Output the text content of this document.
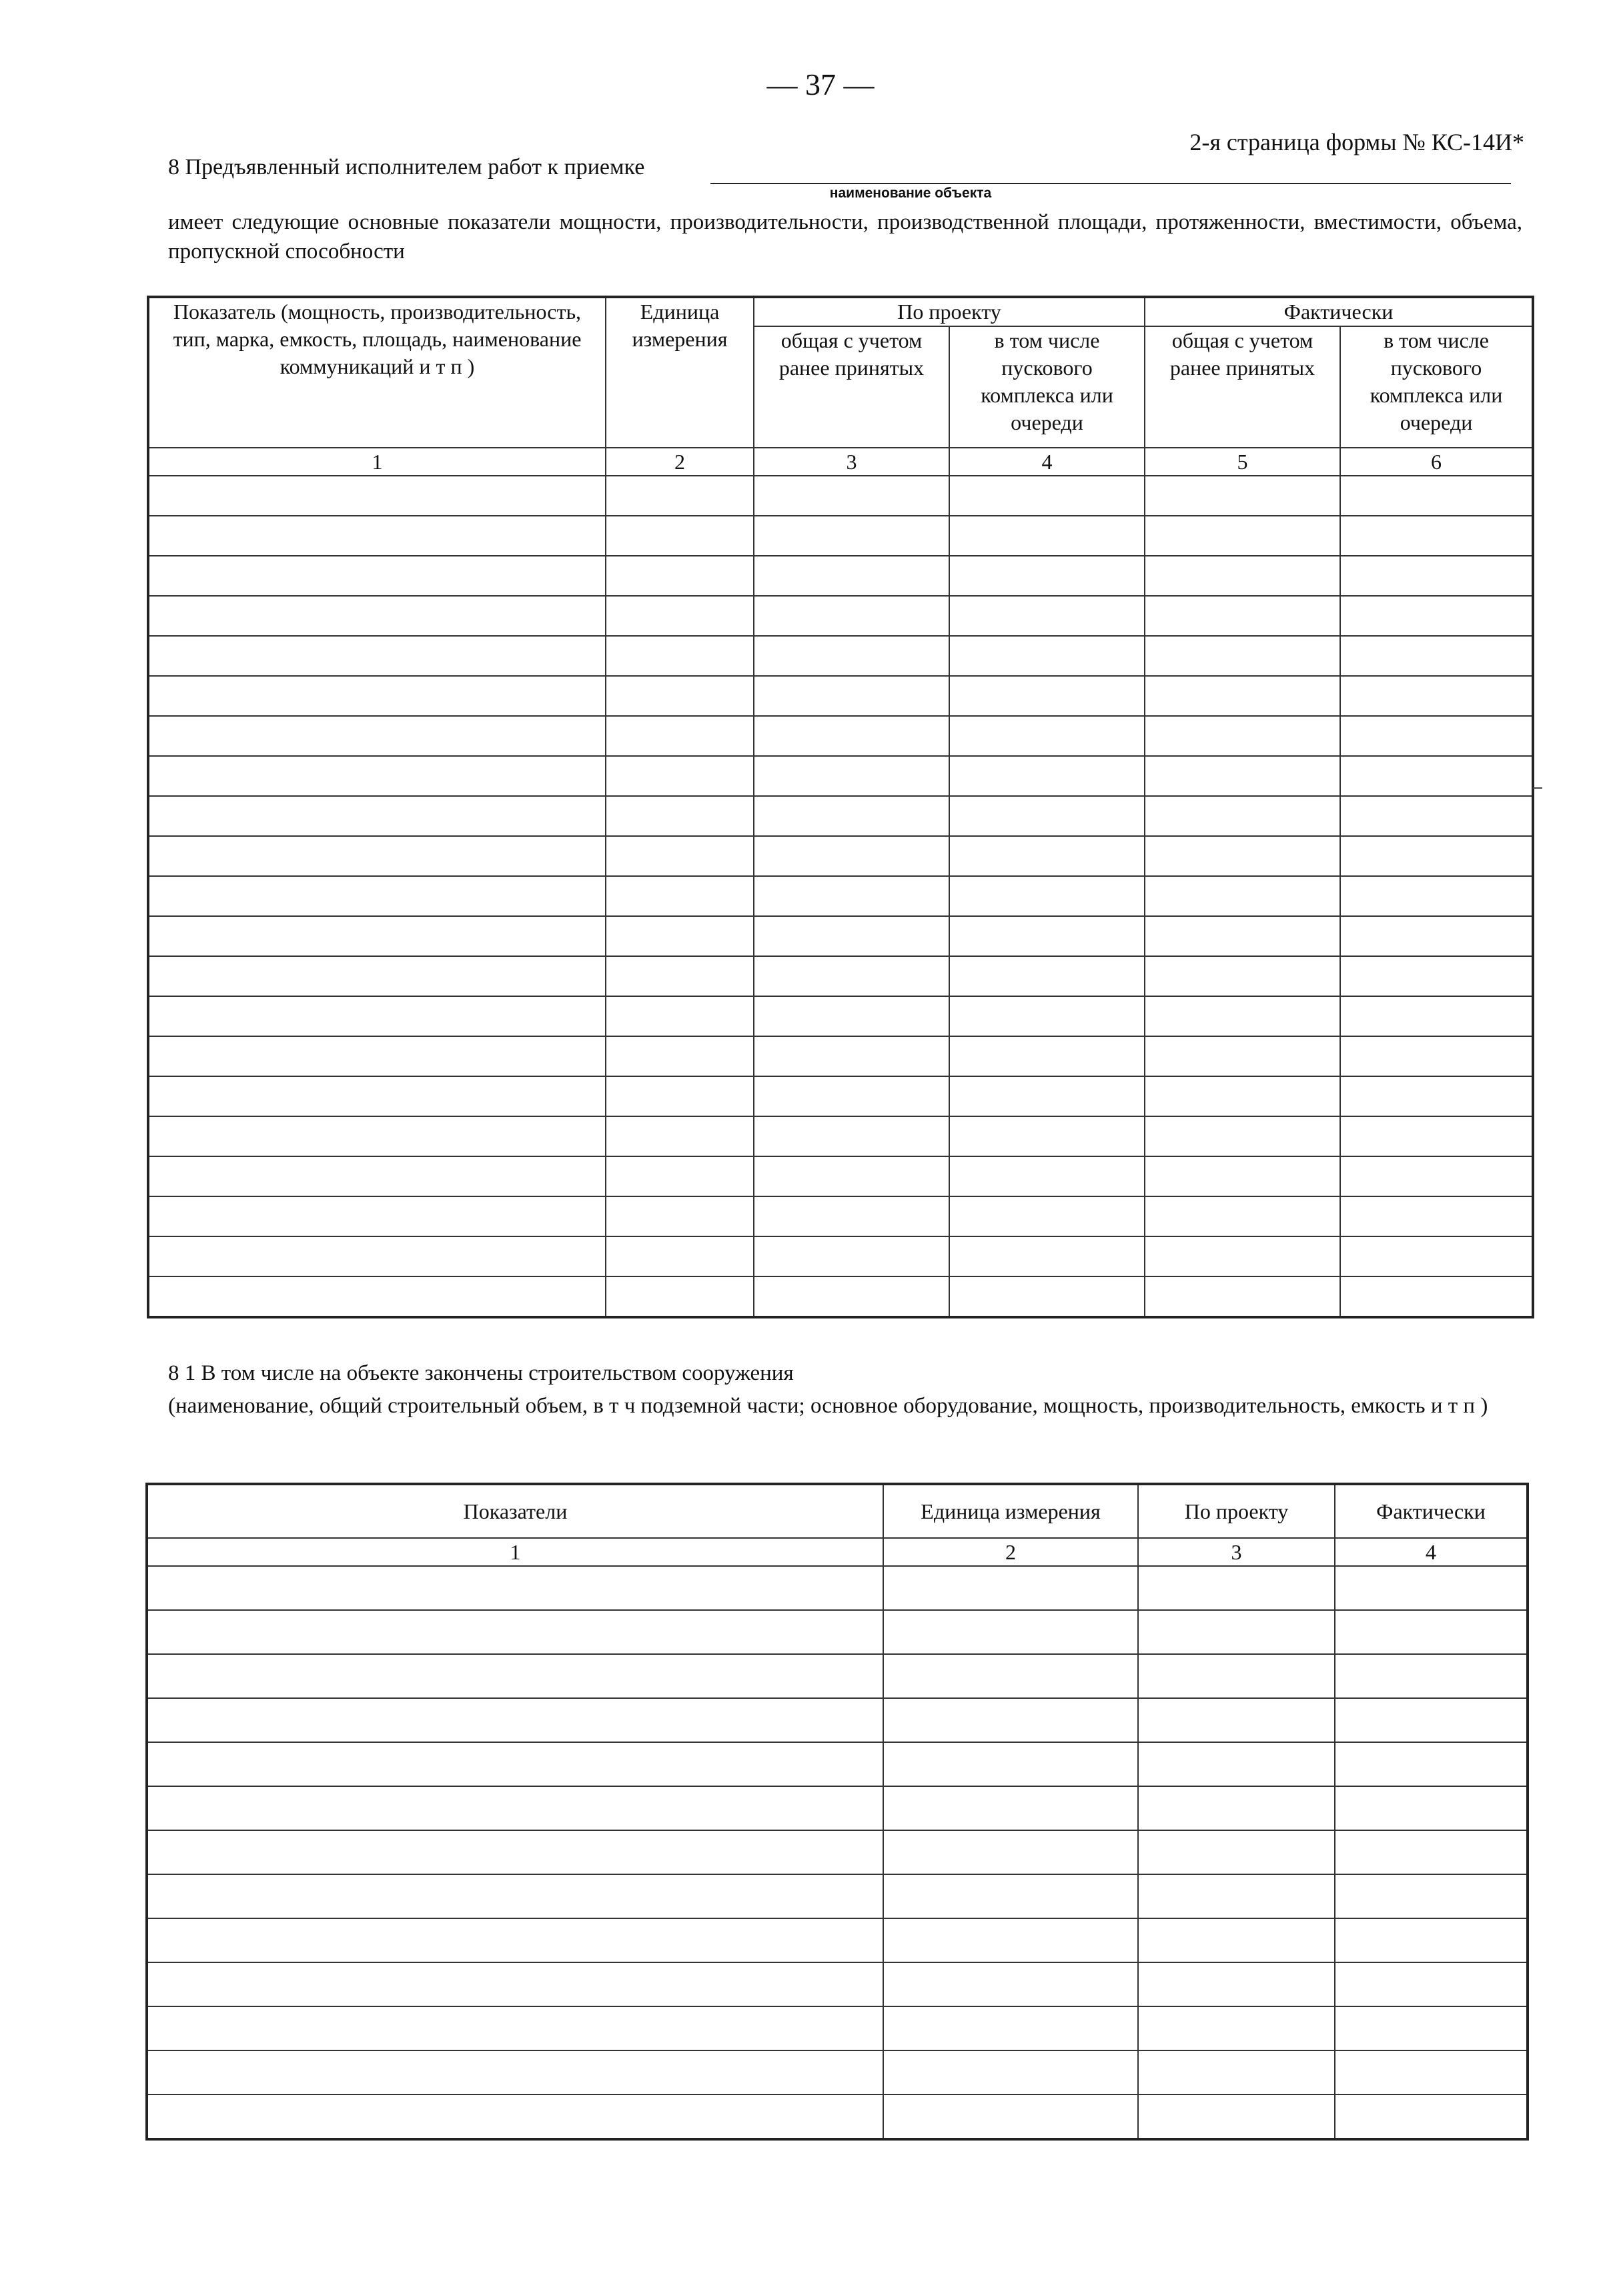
— 37 —
2-я страница формы № КС-14И*
8 Предъявленный исполнителем работ к приемке
наименование объекта
имеет следующие основные показатели мощности, производительности, производственной площади, протяженности, вместимости, объема, пропускной способности
Показатель (мощность, производительность, тип, марка, емкость, площадь, наименование коммуникаций и т п )	Единица измерения	По проекту		Фактически	
		общая с учетом ранее принятых	в том числе пускового комплекса или очереди	общая с учетом ранее принятых	в том числе пускового комплекса или очереди
1	2	3	4	5	6

8 1 В том числе на объекте закончены строительством сооружения
(наименование, общий строительный объем, в т ч подземной части; основное оборудование, мощность, производительность, емкость и т п )
Показатели	Единица измерения	По проекту	Фактически
1	2	3	4
